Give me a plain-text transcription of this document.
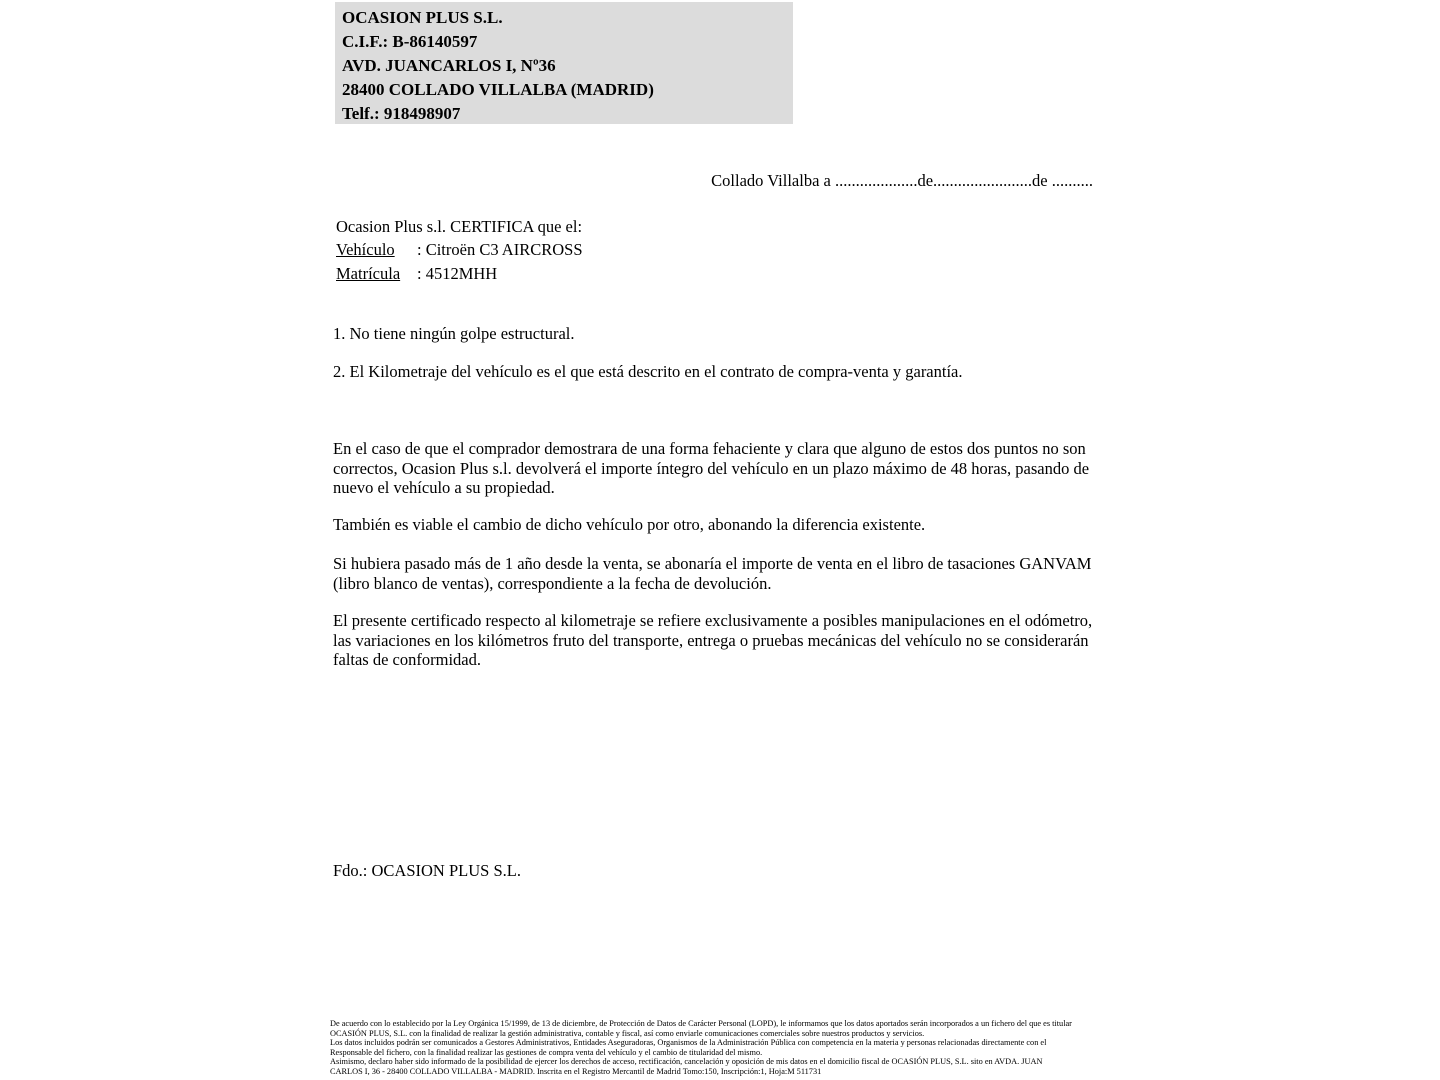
OCASION PLUS S.L.
C.I.F.: B-86140597
AVD. JUANCARLOS I, Nº36
28400 COLLADO VILLALBA (MADRID)
Telf.: 918498907
Collado Villalba a ....................de........................de ..........
Ocasion Plus s.l. CERTIFICA que el:
Vehículo : Citroën C3 AIRCROSS
Matrícula : 4512MHH
1. No tiene ningún golpe estructural.
2. El Kilometraje del vehículo es el que está descrito en el contrato de compra-venta y garantía.
En el caso de que el comprador demostrara de una forma fehaciente y clara que alguno de estos dos puntos no son correctos, Ocasion Plus s.l. devolverá el importe íntegro del vehículo en un plazo máximo de 48 horas, pasando de nuevo el vehículo a su propiedad.
También es viable el cambio de dicho vehículo por otro, abonando la diferencia existente.
Si hubiera pasado más de 1 año desde la venta, se abonaría el importe de venta en el libro de tasaciones GANVAM (libro blanco de ventas), correspondiente a la fecha de devolución.
El presente certificado respecto al kilometraje se refiere exclusivamente a posibles manipulaciones en el odómetro, las variaciones en los kilómetros fruto del transporte, entrega o pruebas mecánicas del vehículo no se considerarán faltas de conformidad.
Fdo.: OCASION PLUS S.L.
De acuerdo con lo establecido por la Ley Orgánica 15/1999, de 13 de diciembre, de Protección de Datos de Carácter Personal (LOPD), le informamos que los datos aportados serán incorporados a un fichero del que es titular
OCASIÓN PLUS, S.L. con la finalidad de realizar la gestión administrativa, contable y fiscal, así como enviarle comunicaciones comerciales sobre nuestros productos y servicios.
Los datos incluidos podrán ser comunicados a Gestores Administrativos, Entidades Aseguradoras, Organismos de la Administración Pública con competencia en la materia y personas relacionadas directamente con el
Responsable del fichero, con la finalidad realizar las gestiones de compra venta del vehículo y el cambio de titularidad del mismo.
Asimismo, declaro haber sido informado de la posibilidad de ejercer los derechos de acceso, rectificación, cancelación y oposición de mis datos en el domicilio fiscal de OCASIÓN PLUS, S.L. sito en AVDA. JUAN
CARLOS I, 36 - 28400 COLLADO VILLALBA - MADRID. Inscrita en el Registro Mercantil de Madrid Tomo:150, Inscripción:1, Hoja:M 511731
